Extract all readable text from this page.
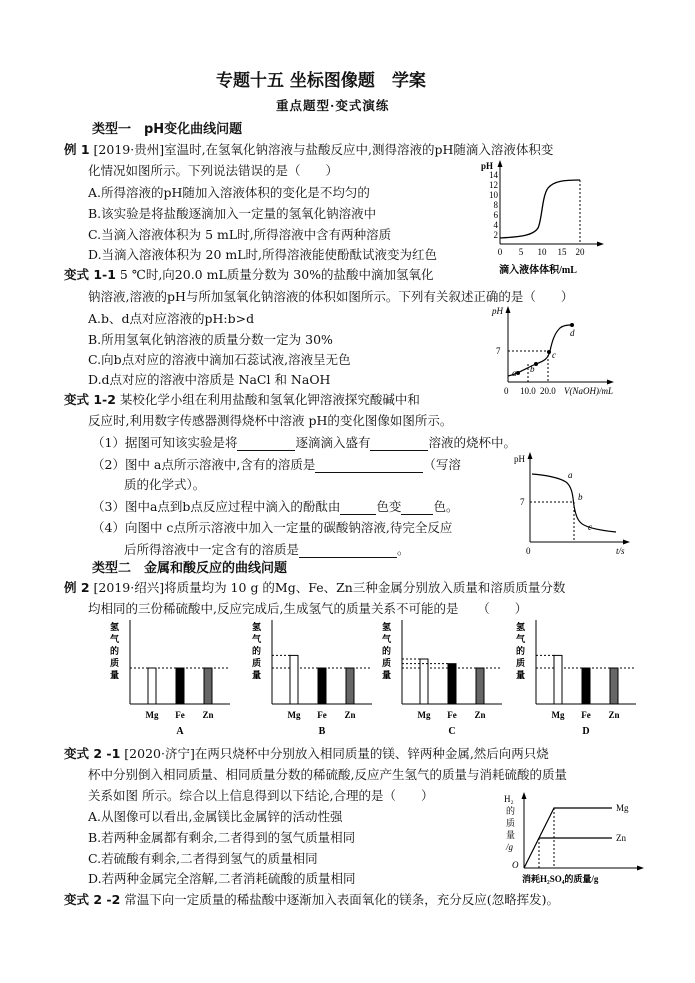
专题十五 坐标图像题　学案
重点题型·变式演练
类型一　pH变化曲线问题
例 1 [2019·贵州]室温时,在氢氧化钠溶液与盐酸反应中,测得溶液的pH随滴入溶液体积变
化情况如图所示。下列说法错误的是（　　）
A.所得溶液的pH随加入溶液体积的变化是不均匀的
B.该实验是将盐酸逐滴加入一定量的氢氧化钠溶液中
C.当滴入溶液体积为 5 mL时,所得溶液中含有两种溶质
D.当滴入溶液体积为 20 mL时,所得溶液能使酚酞试液变为红色
pH
14
12
10
8
6
4
2
0 5 10 15 20
滴入液体体积/mL
变式 1-1 5 ℃时,向20.0 mL质量分数为 30%的盐酸中滴加氢氧化
钠溶液,溶液的pH与所加氢氧化钠溶液的体积如图所示。下列有关叙述正确的是（　　）
A.b、d点对应溶液的pH:b>d
B.所用氢氧化钠溶液的质量分数一定为 30%
C.向b点对应的溶液中滴加石蕊试液,溶液呈无色
D.d点对应的溶液中溶质是 NaCl 和 NaOH
pH
7
a b
c
d
0 10.0 20.0 V(NaOH)/mL
变式 1-2 某校化学小组在利用盐酸和氢氧化钾溶液探究酸碱中和
反应时,利用数字传感器测得烧杯中溶液 pH的变化图像如图所示。
（1）据图可知该实验是将	逐滴滴入盛有	溶液的烧杯中。
（2）图中 a点所示溶液中,含有的溶质是	（写溶
质的化学式）。
（3）图中a点到b点反应过程中滴入的酚酞由	色变	色。
（4）向图中 c点所示溶液中加入一定量的碳酸钠溶液,待完全反应
后所得溶液中一定含有的溶质是	。
pH
7
a
b
c
0	t/s
类型二　金属和酸反应的曲线问题
例 2 [2019·绍兴]将质量均为 10 g 的Mg、Fe、Zn三种金属分别放入质量和溶质质量分数
均相同的三份稀硫酸中,反应完成后,生成氢气的质量关系不可能的是　　（　　）
氢
气
的
质
量
Mg Fe Zn
A
氢
气
的
质
量
Mg Fe Zn
B
氢
气
的
质
量
Mg Fe Zn
C
氢
气
的
质
量
Mg Fe Zn
D
变式 2 -1 [2020·济宁]在两只烧杯中分别放入相同质量的镁、锌两种金属,然后向两只烧
杯中分别倒入相同质量、相同质量分数的稀硫酸,反应产生氢气的质量与消耗硫酸的质量
关系如图 所示。综合以上信息得到以下结论,合理的是（　　）
A.从图像可以看出,金属镁比金属锌的活动性强
B.若两种金属都有剩余,二者得到的氢气质量相同
C.若硫酸有剩余,二者得到氢气的质量相同
D.若两种金属完全溶解,二者消耗硫酸的质量相同
H₂
的
质
量
/g
O
Mg
Zn
消耗H₂SO₄的质量/g
变式 2 -2 常温下向一定质量的稀盐酸中逐渐加入表面氧化的镁条，充分反应(忽略挥发)。
